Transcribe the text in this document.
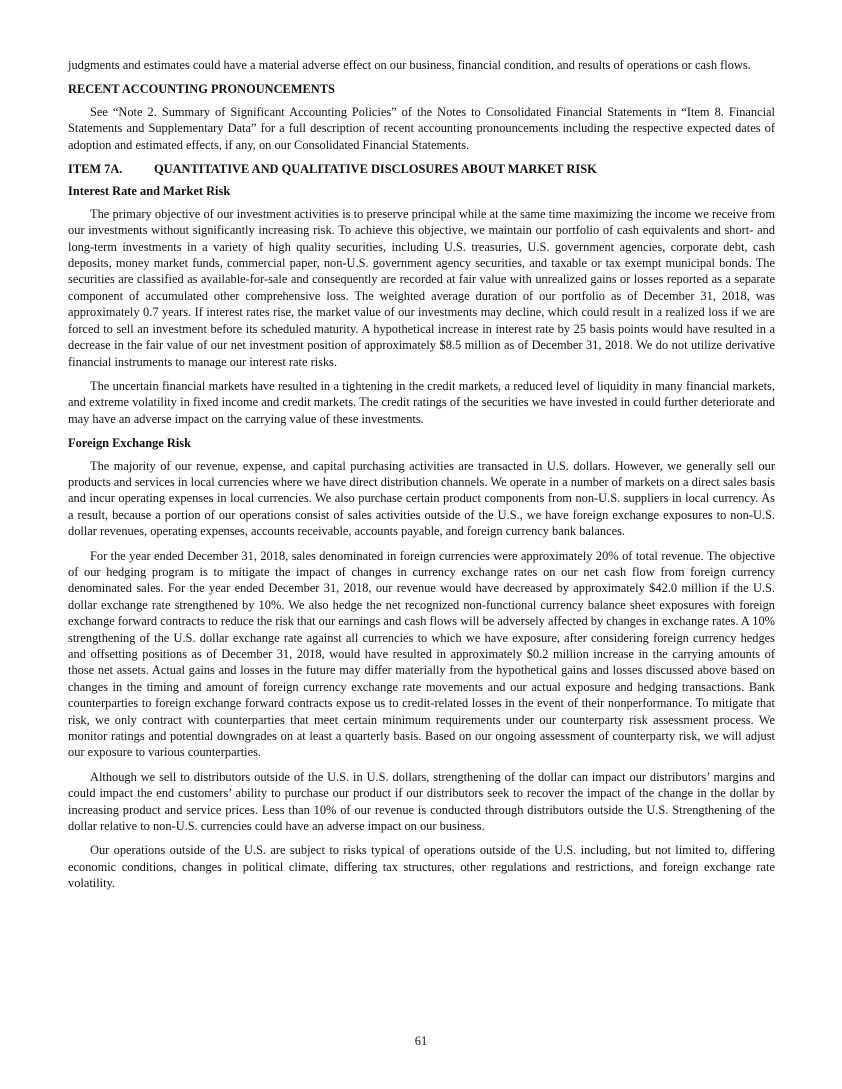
judgments and estimates could have a material adverse effect on our business, financial condition, and results of operations or cash flows.

RECENT ACCOUNTING PRONOUNCEMENTS

See “Note 2. Summary of Significant Accounting Policies” of the Notes to Consolidated Financial Statements in “Item 8. Financial Statements and Supplementary Data” for a full description of recent accounting pronouncements including the respective expected dates of adoption and estimated effects, if any, on our Consolidated Financial Statements.

ITEM 7A.	QUANTITATIVE AND QUALITATIVE DISCLOSURES ABOUT MARKET RISK
Interest Rate and Market Risk

The primary objective of our investment activities is to preserve principal while at the same time maximizing the income we receive from our investments without significantly increasing risk. To achieve this objective, we maintain our portfolio of cash equivalents and short- and long-term investments in a variety of high quality securities, including U.S. treasuries, U.S. government agencies, corporate debt, cash deposits, money market funds, commercial paper, non-U.S. government agency securities, and taxable or tax exempt municipal bonds. The securities are classified as available-for-sale and consequently are recorded at fair value with unrealized gains or losses reported as a separate component of accumulated other comprehensive loss. The weighted average duration of our portfolio as of December 31, 2018, was approximately 0.7 years. If interest rates rise, the market value of our investments may decline, which could result in a realized loss if we are forced to sell an investment before its scheduled maturity. A hypothetical increase in interest rate by 25 basis points would have resulted in a decrease in the fair value of our net investment position of approximately $8.5 million as of December 31, 2018. We do not utilize derivative financial instruments to manage our interest rate risks.

The uncertain financial markets have resulted in a tightening in the credit markets, a reduced level of liquidity in many financial markets, and extreme volatility in fixed income and credit markets. The credit ratings of the securities we have invested in could further deteriorate and may have an adverse impact on the carrying value of these investments.

Foreign Exchange Risk

The majority of our revenue, expense, and capital purchasing activities are transacted in U.S. dollars. However, we generally sell our products and services in local currencies where we have direct distribution channels. We operate in a number of markets on a direct sales basis and incur operating expenses in local currencies. We also purchase certain product components from non-U.S. suppliers in local currency. As a result, because a portion of our operations consist of sales activities outside of the U.S., we have foreign exchange exposures to non-U.S. dollar revenues, operating expenses, accounts receivable, accounts payable, and foreign currency bank balances.

For the year ended December 31, 2018, sales denominated in foreign currencies were approximately 20% of total revenue. The objective of our hedging program is to mitigate the impact of changes in currency exchange rates on our net cash flow from foreign currency denominated sales. For the year ended December 31, 2018, our revenue would have decreased by approximately $42.0 million if the U.S. dollar exchange rate strengthened by 10%. We also hedge the net recognized non-functional currency balance sheet exposures with foreign exchange forward contracts to reduce the risk that our earnings and cash flows will be adversely affected by changes in exchange rates. A 10% strengthening of the U.S. dollar exchange rate against all currencies to which we have exposure, after considering foreign currency hedges and offsetting positions as of December 31, 2018, would have resulted in approximately $0.2 million increase in the carrying amounts of those net assets. Actual gains and losses in the future may differ materially from the hypothetical gains and losses discussed above based on changes in the timing and amount of foreign currency exchange rate movements and our actual exposure and hedging transactions. Bank counterparties to foreign exchange forward contracts expose us to credit-related losses in the event of their nonperformance. To mitigate that risk, we only contract with counterparties that meet certain minimum requirements under our counterparty risk assessment process. We monitor ratings and potential downgrades on at least a quarterly basis. Based on our ongoing assessment of counterparty risk, we will adjust our exposure to various counterparties.

Although we sell to distributors outside of the U.S. in U.S. dollars, strengthening of the dollar can impact our distributors’ margins and could impact the end customers’ ability to purchase our product if our distributors seek to recover the impact of the change in the dollar by increasing product and service prices. Less than 10% of our revenue is conducted through distributors outside the U.S. Strengthening of the dollar relative to non-U.S. currencies could have an adverse impact on our business.

Our operations outside of the U.S. are subject to risks typical of operations outside of the U.S. including, but not limited to, differing economic conditions, changes in political climate, differing tax structures, other regulations and restrictions, and foreign exchange rate volatility.

61
